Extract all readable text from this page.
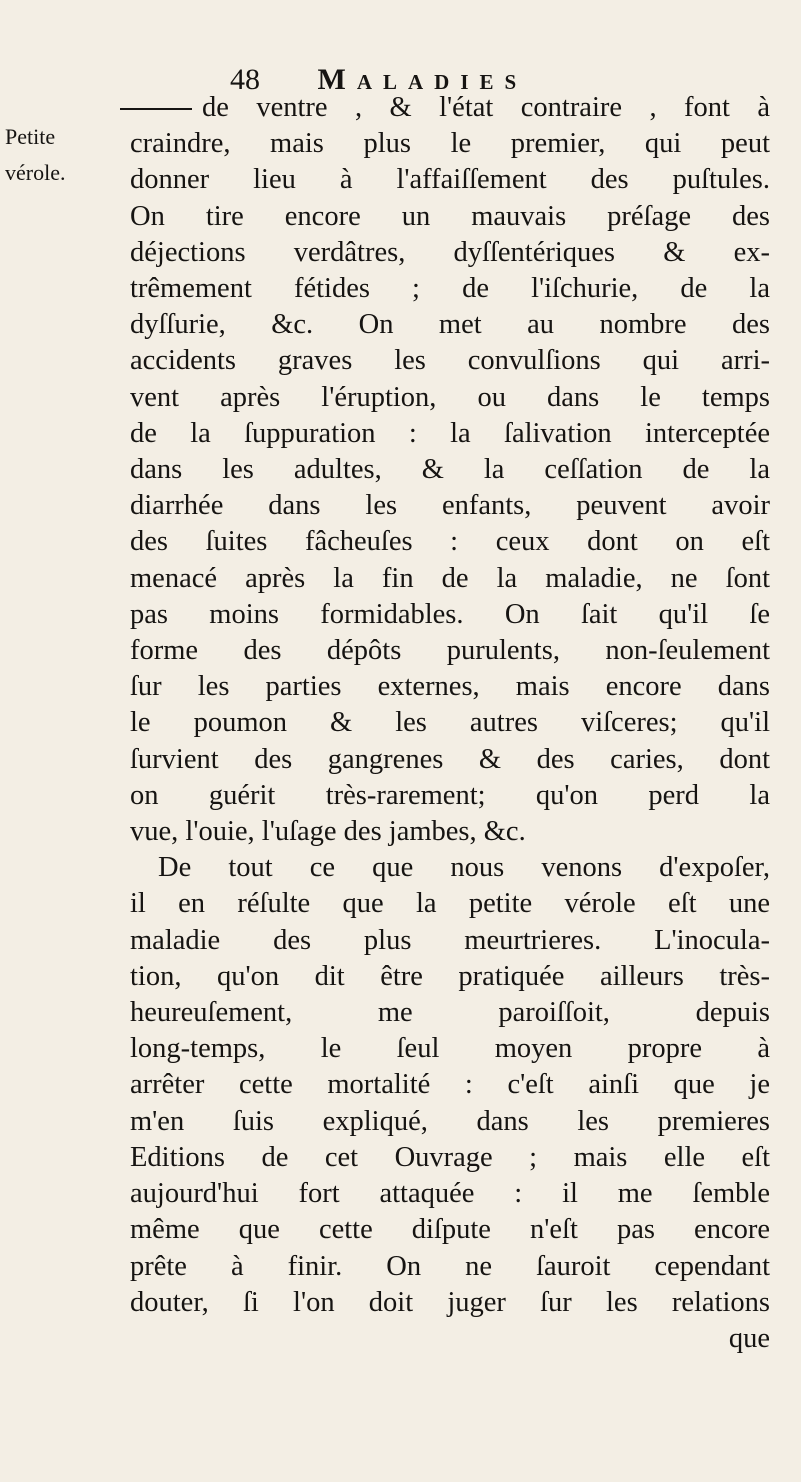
48 Maladies
Petite
vérole.
de ventre , & l'état contraire , font à
craindre, mais plus le premier, qui peut
donner lieu à l'affaiſſement des puſtules.
On tire encore un mauvais préſage des
déjections verdâtres, dyſſentériques & ex-
trêmement fétides ; de l'iſchurie, de la
dyſſurie, &c. On met au nombre des
accidents graves les convulſions qui arri-
vent après l'éruption, ou dans le temps
de la ſuppuration : la ſalivation interceptée
dans les adultes, & la ceſſation de la
diarrhée dans les enfants, peuvent avoir
des ſuites fâcheuſes : ceux dont on eſt
menacé après la fin de la maladie, ne ſont
pas moins formidables. On ſait qu'il ſe
forme des dépôts purulents, non-ſeulement
ſur les parties externes, mais encore dans
le poumon & les autres viſceres; qu'il
ſurvient des gangrenes & des caries, dont
on guérit très-rarement; qu'on perd la
vue, l'ouie, l'uſage des jambes, &c.
De tout ce que nous venons d'expoſer,
il en réſulte que la petite vérole eſt une
maladie des plus meurtrieres. L'inocula-
tion, qu'on dit être pratiquée ailleurs très-
heureuſement, me paroiſſoit, depuis
long-temps, le ſeul moyen propre à
arrêter cette mortalité : c'eſt ainſi que je
m'en ſuis expliqué, dans les premieres
Editions de cet Ouvrage ; mais elle eſt
aujourd'hui fort attaquée : il me ſemble
même que cette diſpute n'eſt pas encore
prête à finir. On ne ſauroit cependant
douter, ſi l'on doit juger ſur les relations
que
